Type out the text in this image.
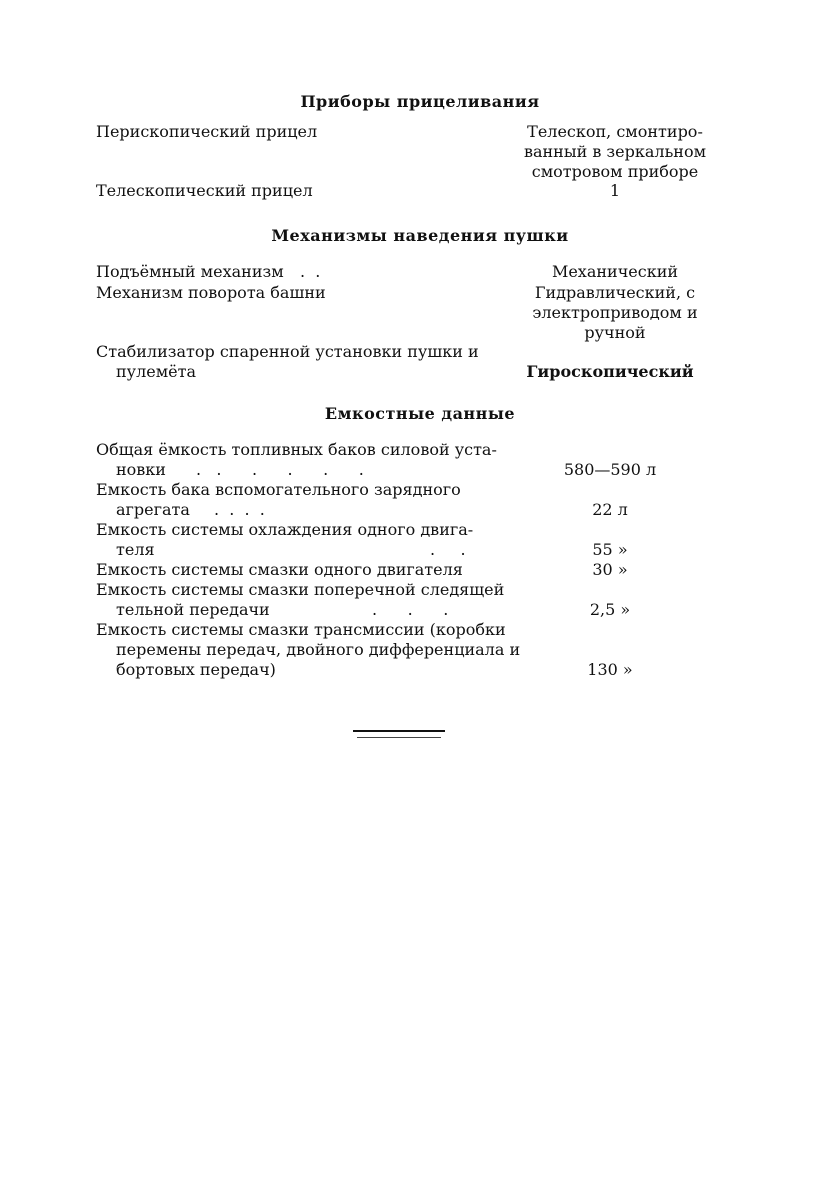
Приборы прицеливания
Перископический прицел	Телескоп, смонтиро-
ванный в зеркальном
смотровом приборе
Телескопический прицел	1
Механизмы наведения пушки
Подъёмный механизм .  .	Механический
Механизм поворота башни	Гидравлический, с
электроприводом и
ручной
Стабилизатор спаренной установки пушки и
пулемёта	Гироскопический
Емкостные данные
Общая ёмкость топливных баков силовой уста-
новки .   .      .      .      .      .	580—590 л
Емкость бака вспомогательного зарядного
агрегата .  .  .  .	22 л
Емкость системы охлаждения одного двига-
теля	.     .	55 »
Емкость системы смазки одного двигателя	30 »
Емкость системы смазки поперечной следящей
тельной передачи	.      .      .	2,5 »
Емкость системы смазки трансмиссии (коробки
перемены передач, двойного дифференциала и
бортовых передач)	130 »
